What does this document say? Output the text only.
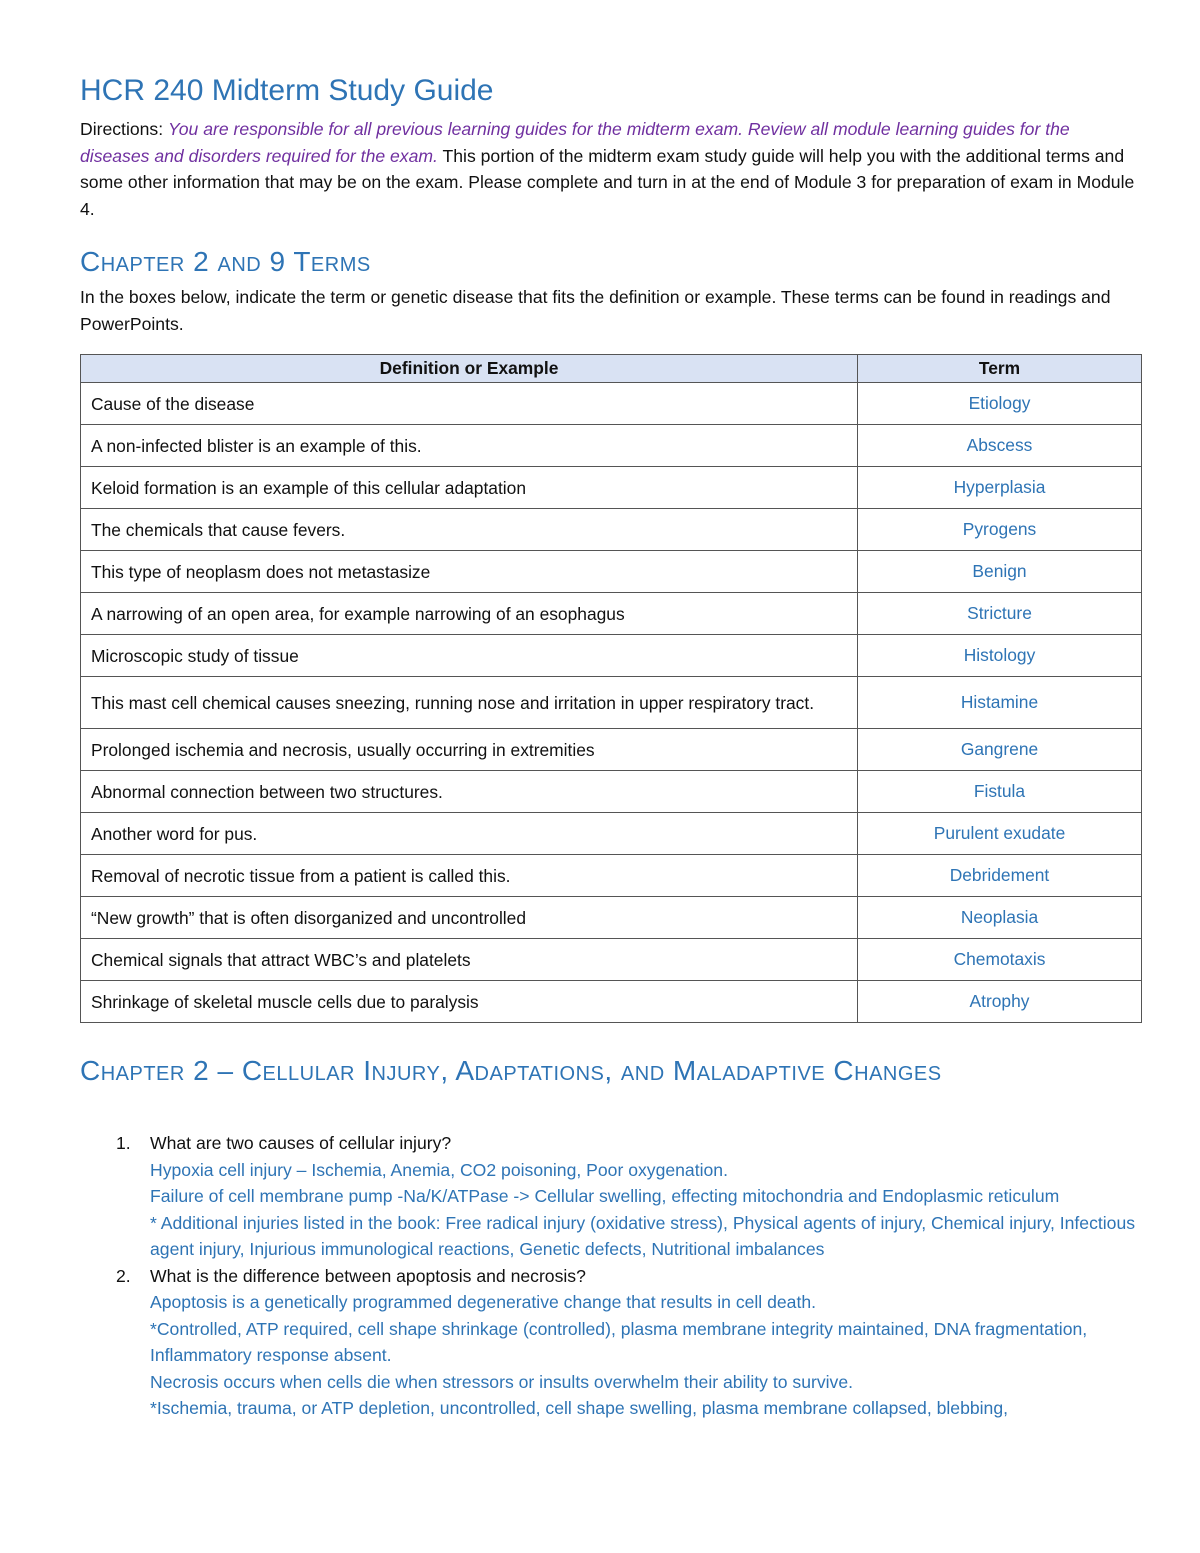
HCR 240 Midterm Study Guide
Directions: You are responsible for all previous learning guides for the midterm exam. Review all module learning guides for the diseases and disorders required for the exam. This portion of the midterm exam study guide will help you with the additional terms and some other information that may be on the exam. Please complete and turn in at the end of Module 3 for preparation of exam in Module 4.
Chapter 2 and 9 Terms
In the boxes below, indicate the term or genetic disease that fits the definition or example. These terms can be found in readings and PowerPoints.
Definition or Example	Term
Cause of the disease	Etiology
A non-infected blister is an example of this.	Abscess
Keloid formation is an example of this cellular adaptation	Hyperplasia
The chemicals that cause fevers.	Pyrogens
This type of neoplasm does not metastasize	Benign
A narrowing of an open area, for example narrowing of an esophagus	Stricture
Microscopic study of tissue	Histology
This mast cell chemical causes sneezing, running nose and irritation in upper respiratory tract.	Histamine
Prolonged ischemia and necrosis, usually occurring in extremities	Gangrene
Abnormal connection between two structures.	Fistula
Another word for pus.	Purulent exudate
Removal of necrotic tissue from a patient is called this.	Debridement
“New growth” that is often disorganized and uncontrolled	Neoplasia
Chemical signals that attract WBC’s and platelets	Chemotaxis
Shrinkage of skeletal muscle cells due to paralysis	Atrophy
Chapter 2 – Cellular Injury, Adaptations, and Maladaptive Changes
1. What are two causes of cellular injury?
Hypoxia cell injury – Ischemia, Anemia, CO2 poisoning, Poor oxygenation.
Failure of cell membrane pump -Na/K/ATPase -> Cellular swelling, effecting mitochondria and Endoplasmic reticulum
* Additional injuries listed in the book: Free radical injury (oxidative stress), Physical agents of injury, Chemical injury, Infectious agent injury, Injurious immunological reactions, Genetic defects, Nutritional imbalances
2. What is the difference between apoptosis and necrosis?
Apoptosis is a genetically programmed degenerative change that results in cell death.
*Controlled, ATP required, cell shape shrinkage (controlled), plasma membrane integrity maintained, DNA fragmentation, Inflammatory response absent.
Necrosis occurs when cells die when stressors or insults overwhelm their ability to survive.
*Ischemia, trauma, or ATP depletion, uncontrolled, cell shape swelling, plasma membrane collapsed, blebbing,
